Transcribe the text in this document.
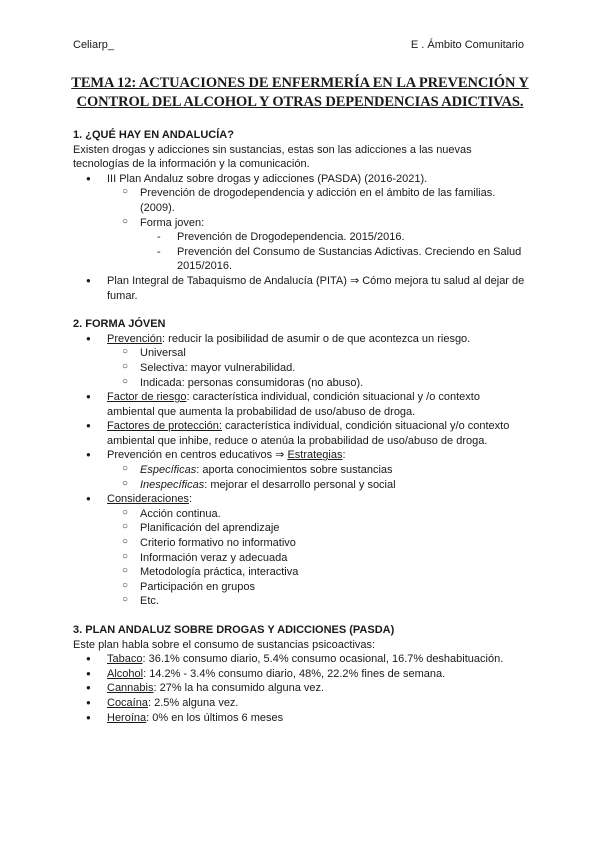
Celiarp_	E . Ámbito Comunitario
TEMA 12: ACTUACIONES DE ENFERMERÍA EN LA PREVENCIÓN Y
CONTROL DEL ALCOHOL Y OTRAS DEPENDENCIAS ADICTIVAS.
1. ¿QUÉ HAY EN ANDALUCÍA?
Existen drogas y adicciones sin sustancias, estas son las adicciones a las nuevas tecnologías de la información y la comunicación.
● III Plan Andaluz sobre drogas y adicciones (PASDA) (2016-2021).
○ Prevención de drogodependencia y adicción en el ámbito de las familias. (2009).
○ Forma joven:
- Prevención de Drogodependencia. 2015/2016.
- Prevención del Consumo de Sustancias Adictivas. Creciendo en Salud 2015/2016.
● Plan Integral de Tabaquismo de Andalucía (PITA) ⇒ Cómo mejora tu salud al dejar de fumar.
2. FORMA JÓVEN
● Prevención: reducir la posibilidad de asumir o de que acontezca un riesgo.
○ Universal
○ Selectiva: mayor vulnerabilidad.
○ Indicada: personas consumidoras (no abuso).
● Factor de riesgo: característica individual, condición situacional y /o contexto ambiental que aumenta la probabilidad de uso/abuso de droga.
● Factores de protección: característica individual, condición situacional y/o contexto ambiental que inhibe, reduce o atenúa la probabilidad de uso/abuso de droga.
● Prevención en centros educativos ⇒ Estrategias:
○ Específicas: aporta conocimientos sobre sustancias
○ Inespecíficas: mejorar el desarrollo personal y social
● Consideraciones:
○ Acción continua.
○ Planificación del aprendizaje
○ Criterio formativo no informativo
○ Información veraz y adecuada
○ Metodología práctica, interactiva
○ Participación en grupos
○ Etc.
3. PLAN ANDALUZ SOBRE DROGAS Y ADICCIONES (PASDA)
Este plan habla sobre el consumo de sustancias psicoactivas:
● Tabaco: 36.1% consumo diario, 5.4% consumo ocasional, 16.7% deshabituación.
● Alcohol: 14.2% - 3.4% consumo diario, 48%, 22.2% fines de semana.
● Cannabis: 27% la ha consumido alguna vez.
● Cocaína: 2.5% alguna vez.
● Heroína: 0% en los últimos 6 meses
